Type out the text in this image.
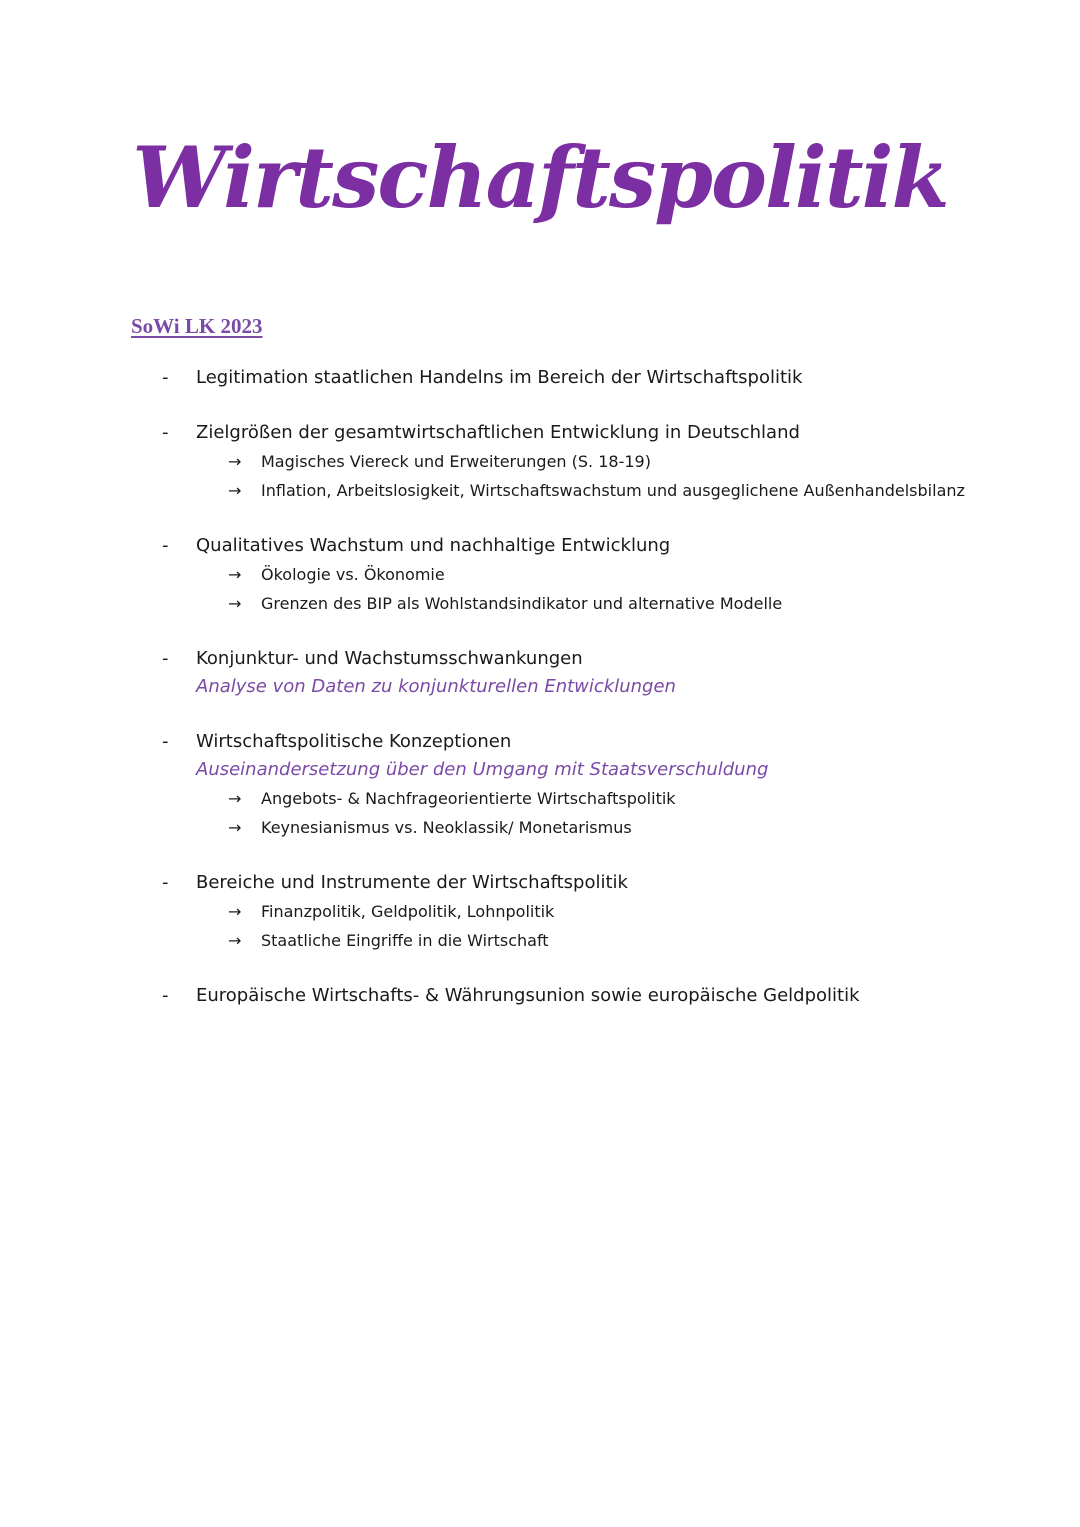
Wirtschaftspolitik
SoWi LK 2023
- Legitimation staatlichen Handelns im Bereich der Wirtschaftspolitik
- Zielgrößen der gesamtwirtschaftlichen Entwicklung in Deutschland
→ Magisches Viereck und Erweiterungen (S. 18-19)
→ Inflation, Arbeitslosigkeit, Wirtschaftswachstum und ausgeglichene Außenhandelsbilanz
- Qualitatives Wachstum und nachhaltige Entwicklung
→ Ökologie vs. Ökonomie
→ Grenzen des BIP als Wohlstandsindikator und alternative Modelle
- Konjunktur- und Wachstumsschwankungen
Analyse von Daten zu konjunkturellen Entwicklungen
- Wirtschaftspolitische Konzeptionen
Auseinandersetzung über den Umgang mit Staatsverschuldung
→ Angebots- & Nachfrageorientierte Wirtschaftspolitik
→ Keynesianismus vs. Neoklassik/ Monetarismus
- Bereiche und Instrumente der Wirtschaftspolitik
→ Finanzpolitik, Geldpolitik, Lohnpolitik
→ Staatliche Eingriffe in die Wirtschaft
- Europäische Wirtschafts- & Währungsunion sowie europäische Geldpolitik
